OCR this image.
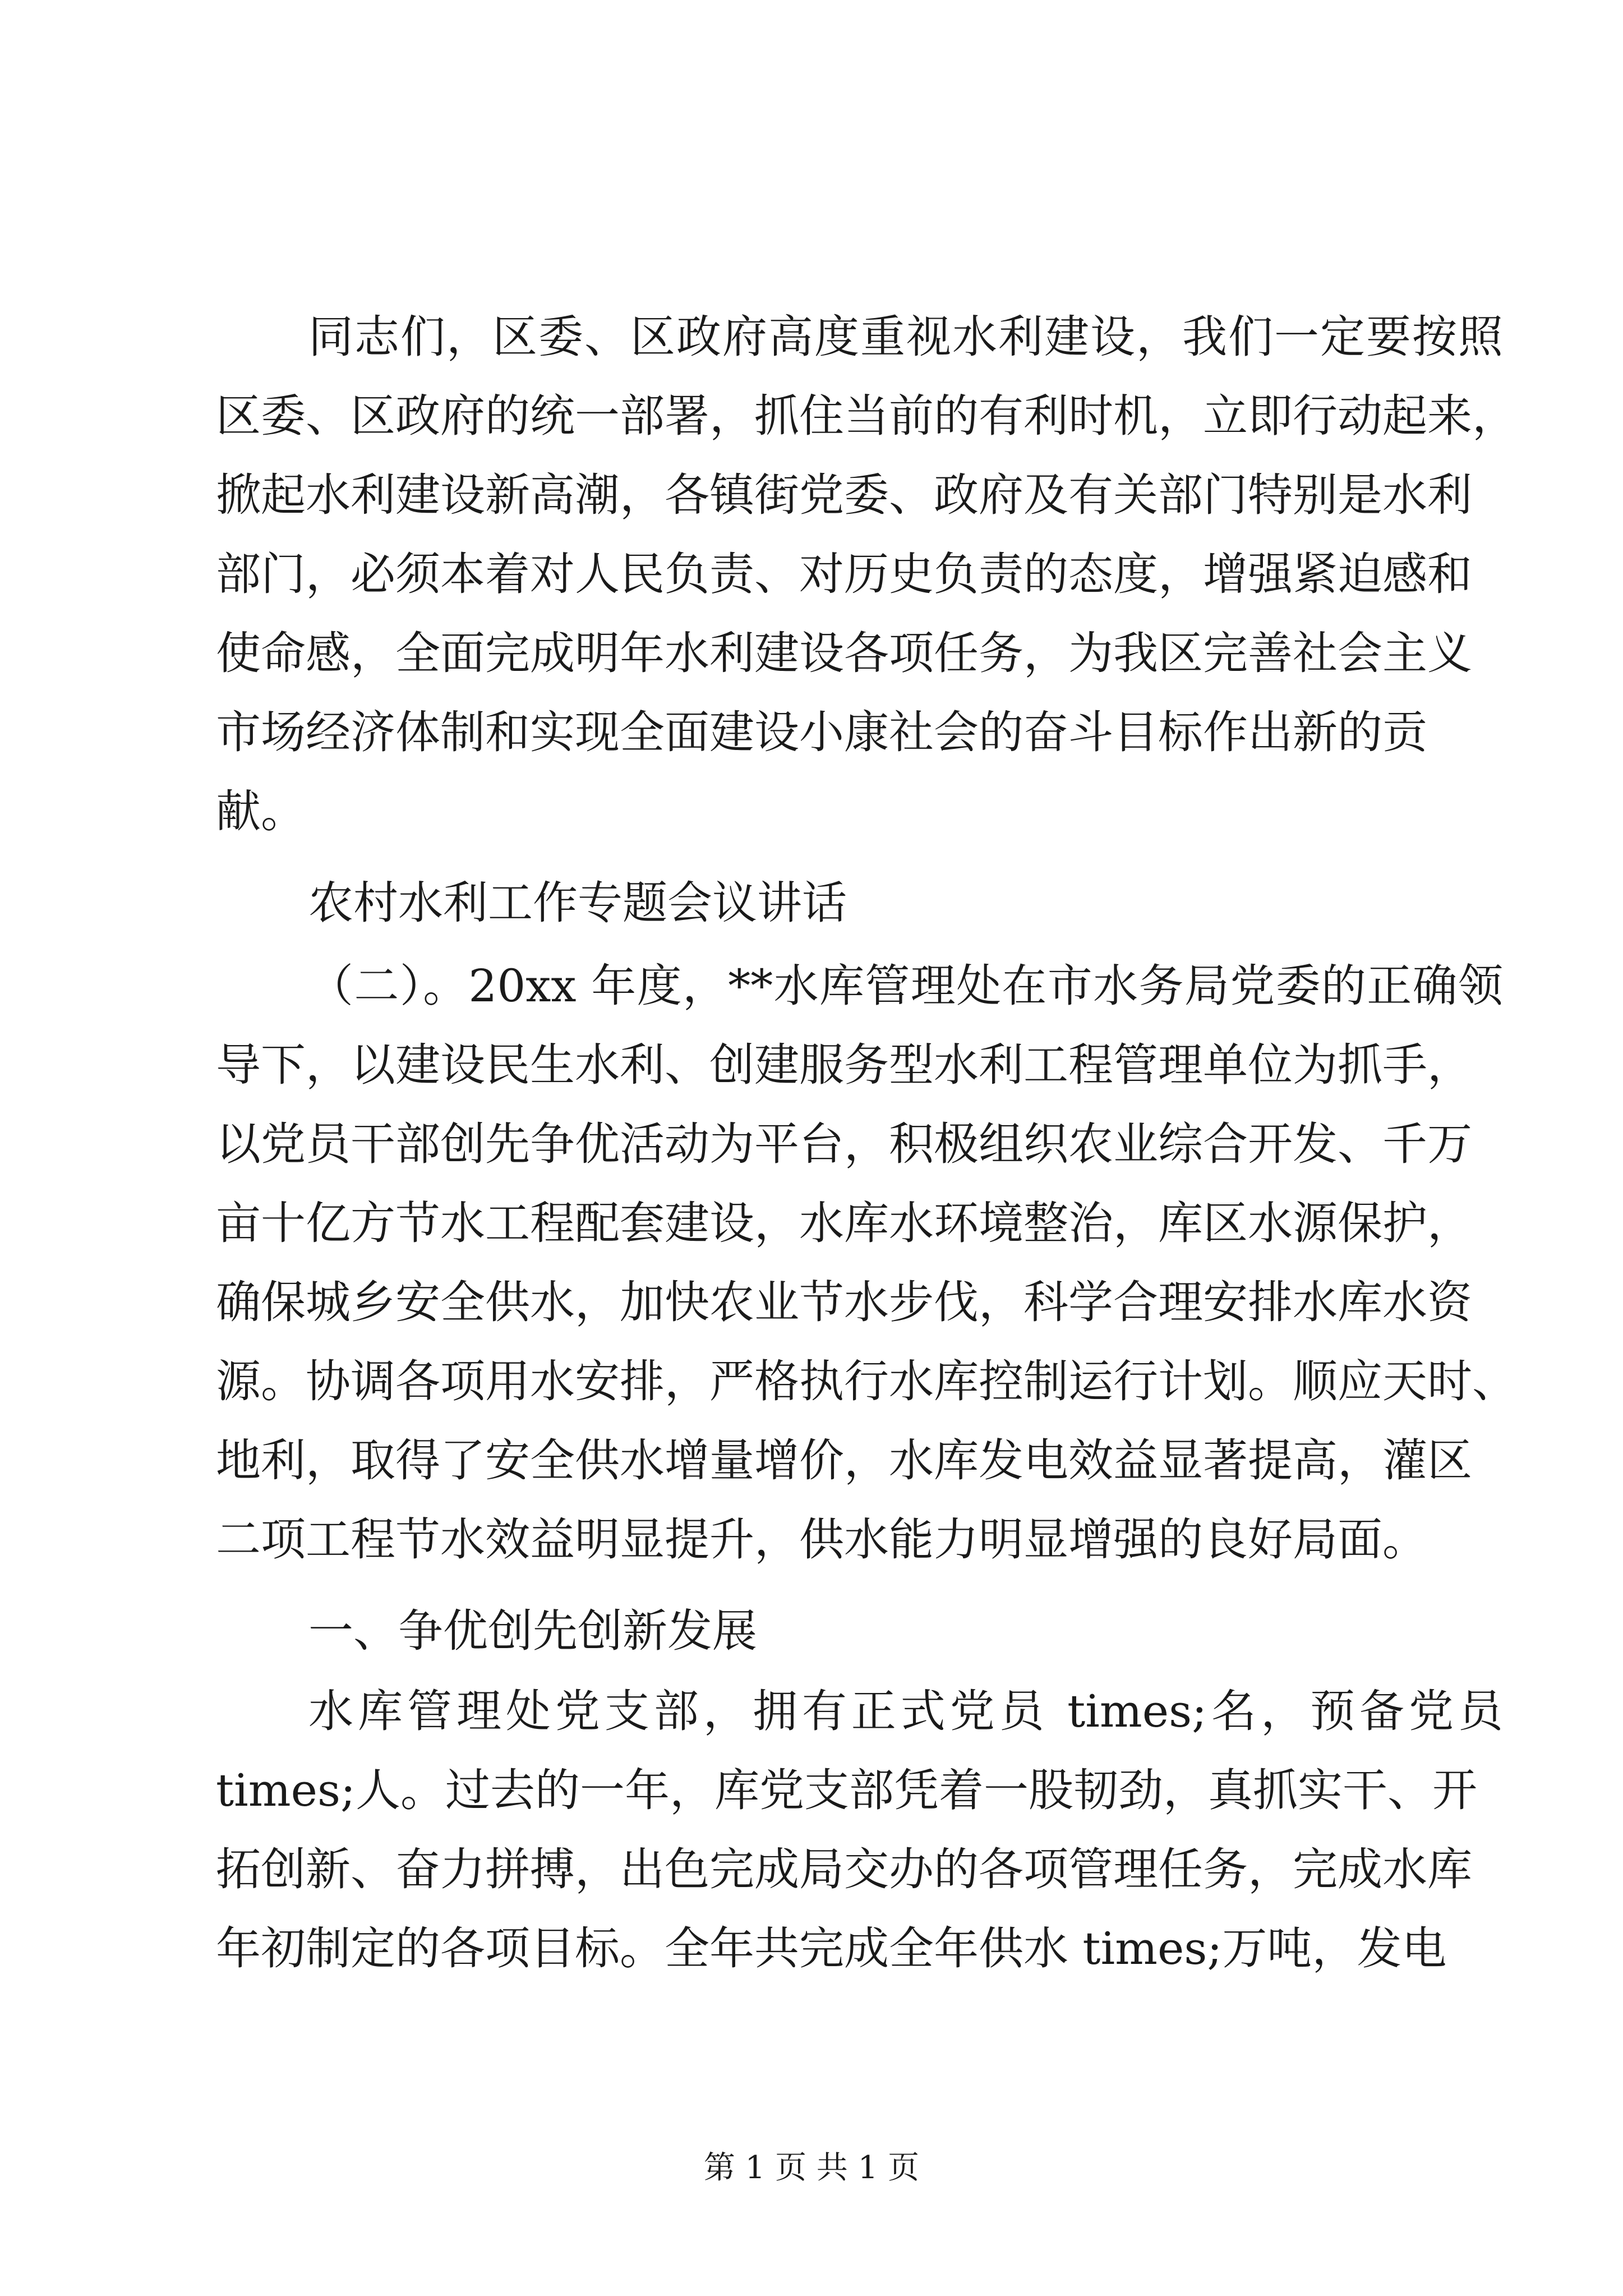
同志们，区委、区政府高度重视水利建设，我们一定要按照
区委、区政府的统一部署，抓住当前的有利时机，立即行动起来，
掀起水利建设新高潮，各镇街党委、政府及有关部门特别是水利
部门，必须本着对人民负责、对历史负责的态度，增强紧迫感和
使命感，全面完成明年水利建设各项任务，为我区完善社会主义
市场经济体制和实现全面建设小康社会的奋斗目标作出新的贡
献。
农村水利工作专题会议讲话
（二）。20xx 年度，**水库管理处在市水务局党委的正确领
导下，以建设民生水利、创建服务型水利工程管理单位为抓手，
以党员干部创先争优活动为平台，积极组织农业综合开发、千万
亩十亿方节水工程配套建设，水库水环境整治，库区水源保护，
确保城乡安全供水，加快农业节水步伐，科学合理安排水库水资
源。协调各项用水安排，严格执行水库控制运行计划。顺应天时、
地利，取得了安全供水增量增价，水库发电效益显著提高，灌区
二项工程节水效益明显提升，供水能力明显增强的良好局面。
一、争优创先创新发展
水库管理处党支部，拥有正式党员 times;名，预备党员
times;人。过去的一年，库党支部凭着一股韧劲，真抓实干、开
拓创新、奋力拼搏，出色完成局交办的各项管理任务，完成水库
年初制定的各项目标。全年共完成全年供水 times;万吨，发电
第 1 页 共 1 页
